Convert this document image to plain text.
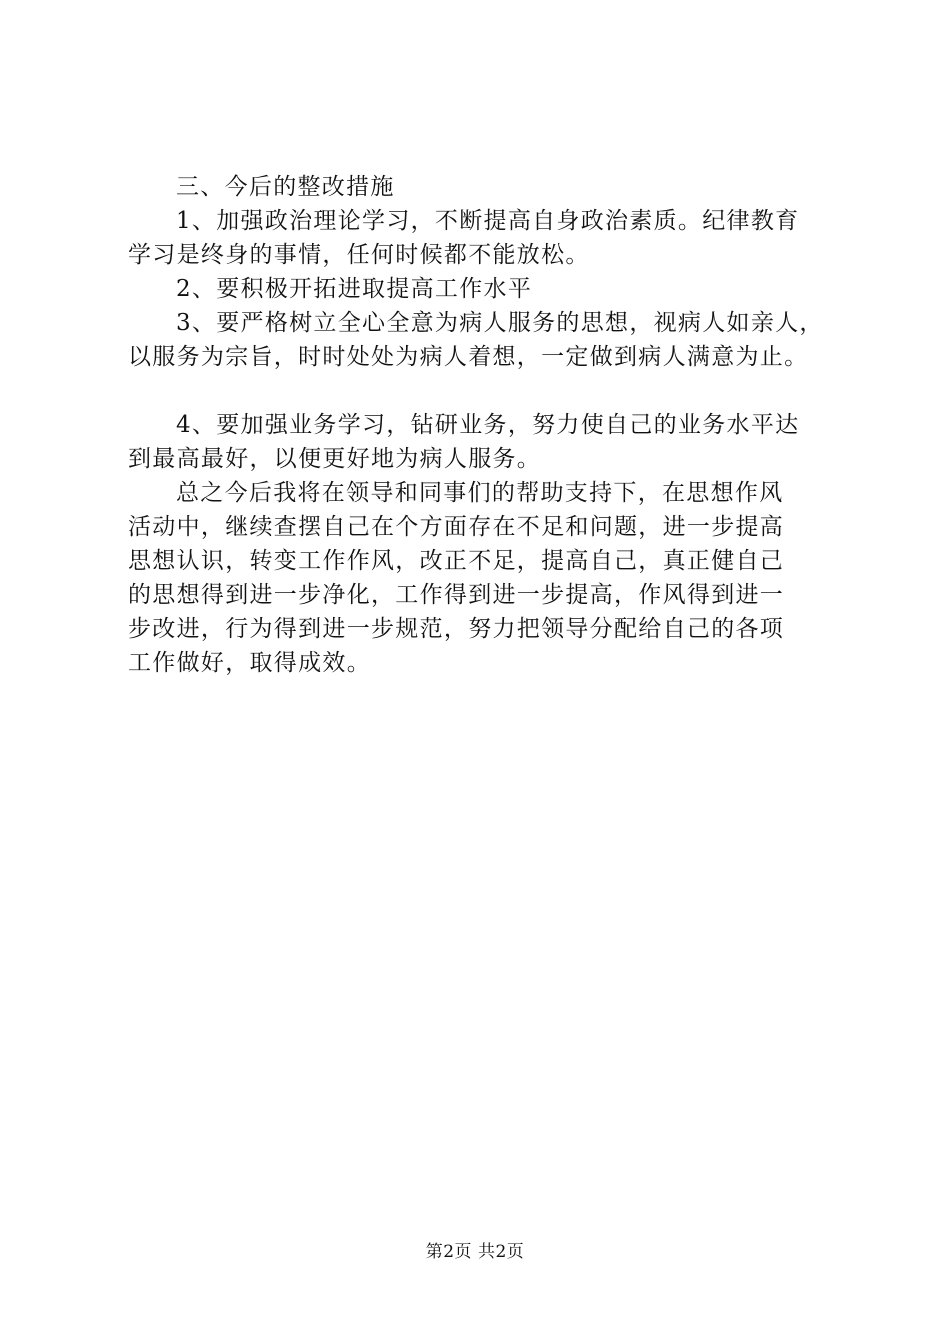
三、今后的整改措施
1、加强政治理论学习，不断提高自身政治素质。纪律教育
学习是终身的事情，任何时候都不能放松。
2、要积极开拓进取提高工作水平
3、要严格树立全心全意为病人服务的思想，视病人如亲人，
以服务为宗旨，时时处处为病人着想，一定做到病人满意为止。
4、要加强业务学习，钻研业务，努力使自己的业务水平达
到最高最好，以便更好地为病人服务。
总之今后我将在领导和同事们的帮助支持下，在思想作风
活动中，继续查摆自己在个方面存在不足和问题，进一步提高
思想认识，转变工作作风，改正不足，提高自己，真正健自己
的思想得到进一步净化，工作得到进一步提高，作风得到进一
步改进，行为得到进一步规范，努力把领导分配给自己的各项
工作做好，取得成效。
第2页 共2页
